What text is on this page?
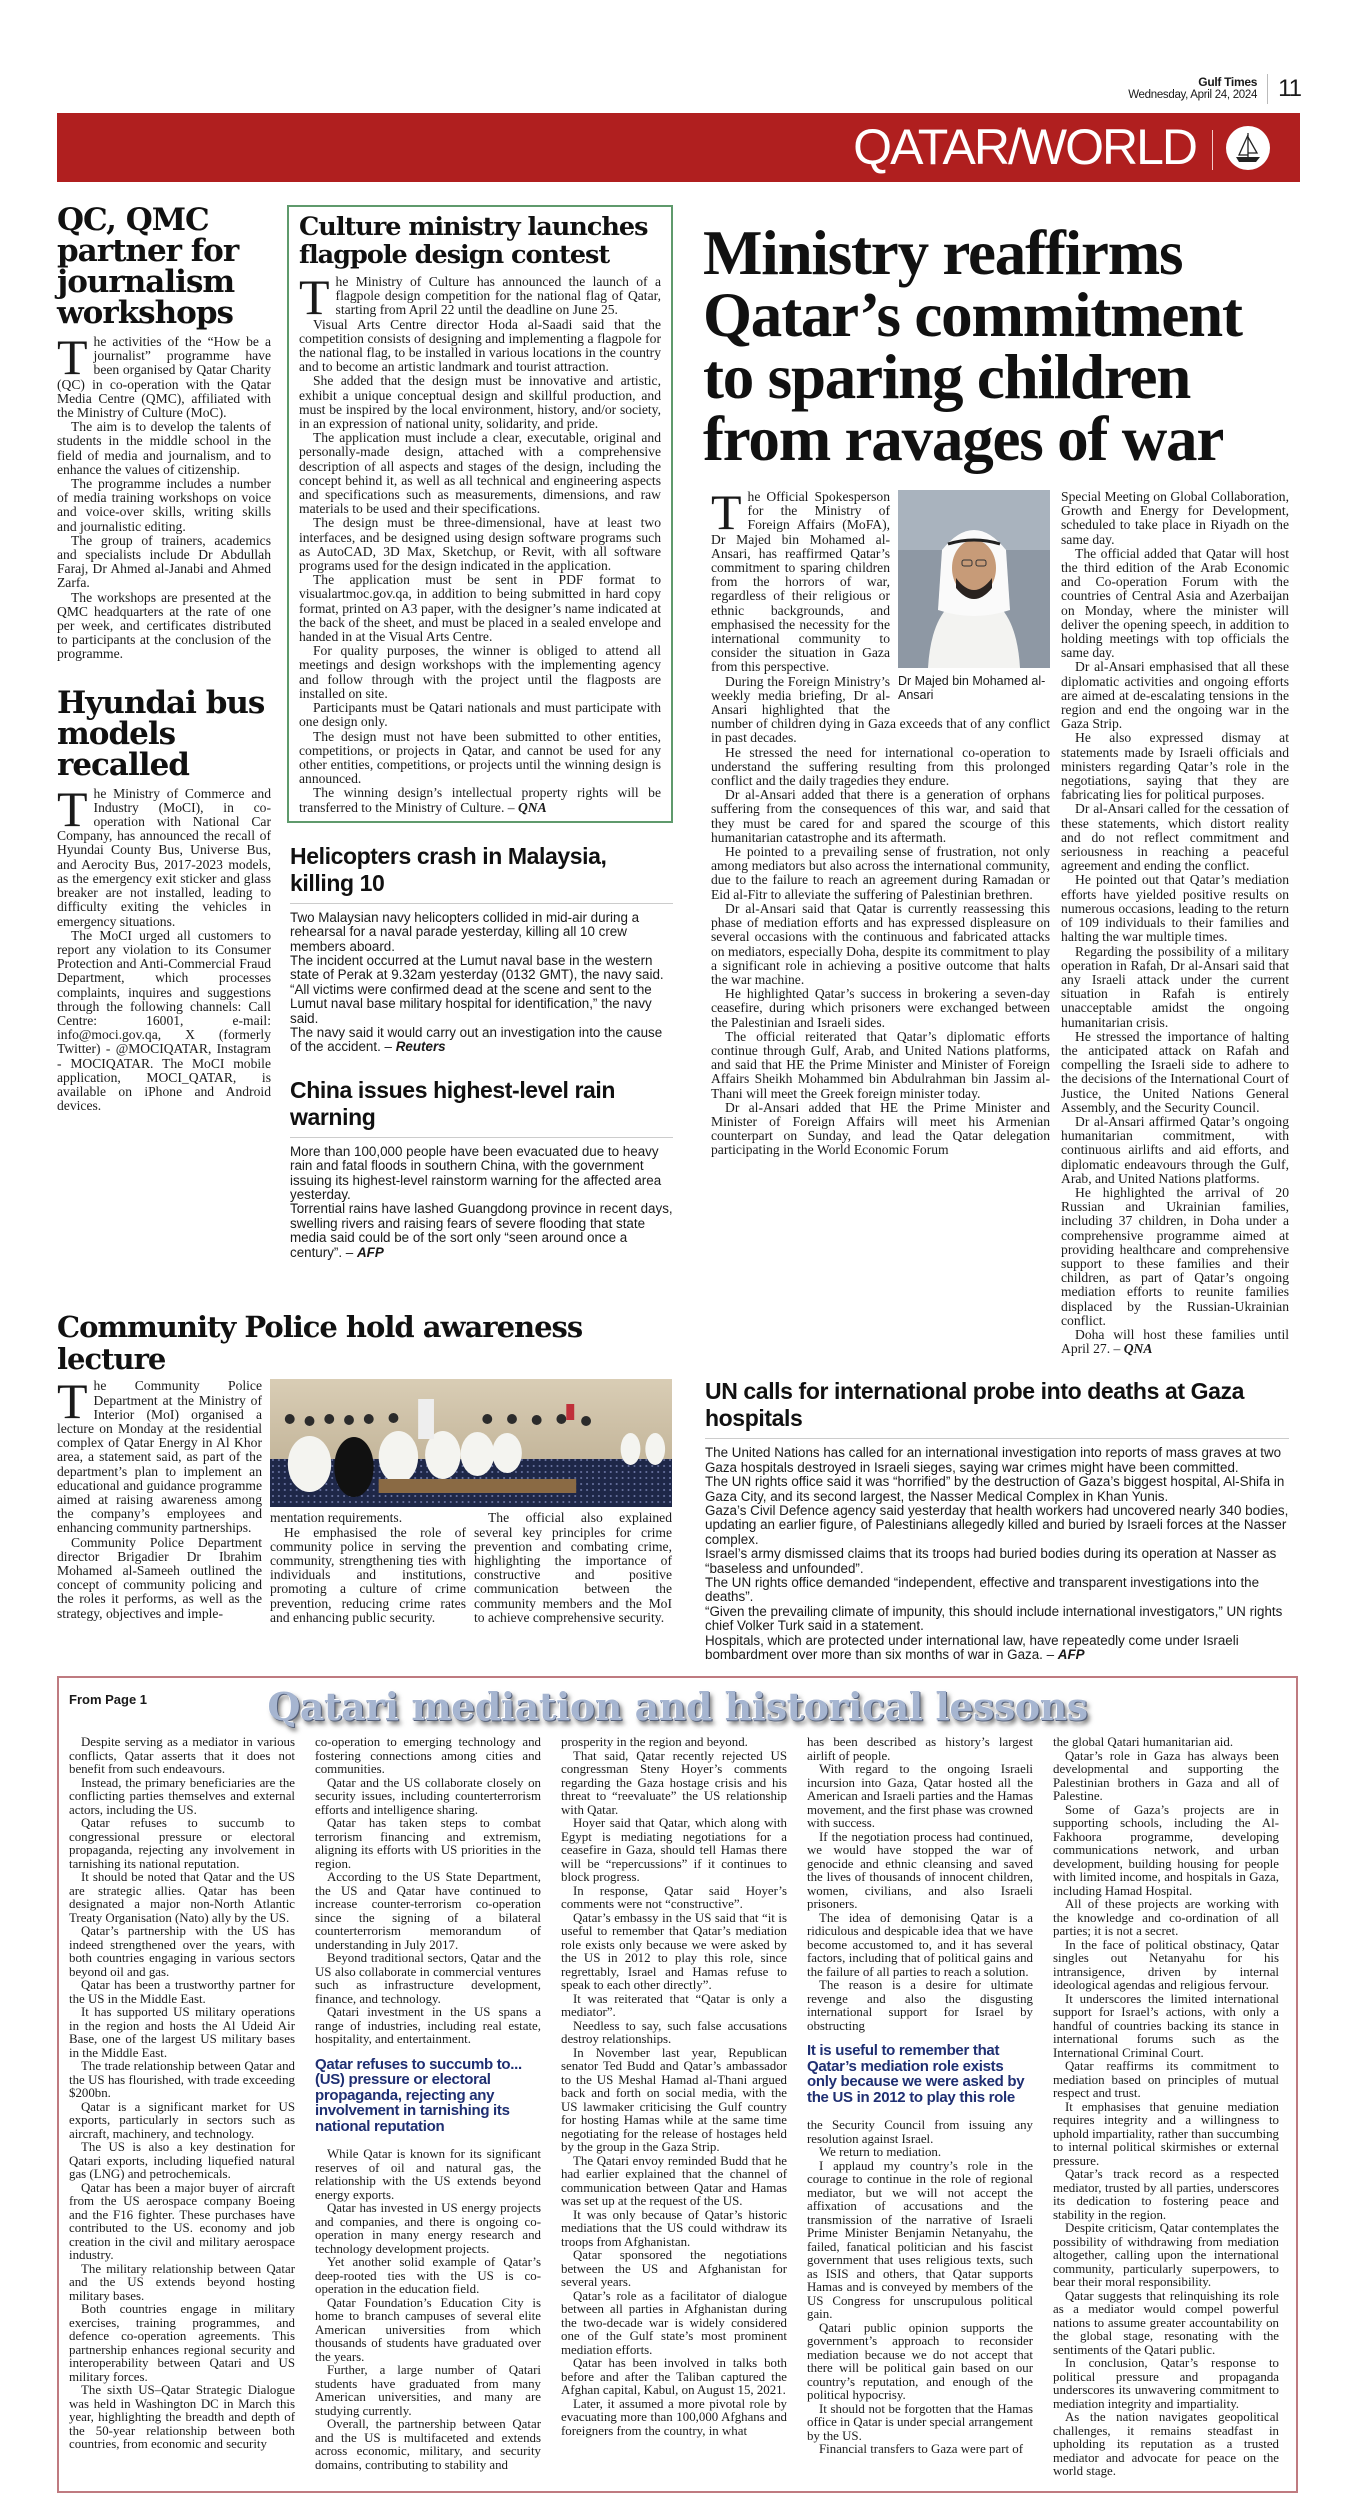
Gulf Times
Wednesday, April 24, 2024 11
QATAR/WORLD
QC, QMC partner for journalism workshops
T he activities of the “How be a journalist” programme have been organised by Qatar Charity (QC) in co-operation with the Qatar Media Centre (QMC), affiliated with the Ministry of Culture (MoC).

The aim is to develop the talents of students in the middle school in the field of media and journalism, and to enhance the values of citizenship.

The programme includes a number of media training workshops on voice and voice-over skills, writing skills and journalistic editing.

The group of trainers, academics and specialists include Dr Abdullah Faraj, Dr Ahmed al-Janabi and Ahmed Zarfa.

The workshops are presented at the QMC headquarters at the rate of one per week, and certificates distributed to participants at the conclusion of the programme.

Hyundai bus models recalled
T he Ministry of Commerce and Industry (MoCI), in co-operation with National Car Company, has announced the recall of Hyundai County Bus, Universe Bus, and Aerocity Bus, 2017-2023 models, as the emergency exit sticker and glass breaker are not installed, leading to difficulty exiting the vehicles in emergency situations.

The MoCI urged all customers to report any violation to its Consumer Protection and Anti-Commercial Fraud Department, which processes complaints, inquires and suggestions through the following channels: Call Centre: 16001, e-mail: info@moci.gov.qa, X (formerly Twitter) - @MOCIQATAR, Instagram - MOCIQATAR. The MoCI mobile application, MOCI_QATAR, is available on iPhone and Android devices.

Culture ministry launches flagpole design contest
T he Ministry of Culture has announced the launch of a flagpole design competition for the national flag of Qatar, starting from April 22 until the deadline on June 25.

Visual Arts Centre director Hoda al-Saadi said that the competition consists of designing and implementing a flagpole for the national flag, to be installed in various locations in the country and to become an artistic landmark and tourist attraction.

She added that the design must be innovative and artistic, exhibit a unique conceptual design and skillful production, and must be inspired by the local environment, history, and/or society, in an expression of national unity, solidarity, and pride.

The application must include a clear, executable, original and personally-made design, attached with a comprehensive description of all aspects and stages of the design, including the concept behind it, as well as all technical and engineering aspects and specifications such as measurements, dimensions, and raw materials to be used and their specifications.

The design must be three-dimensional, have at least two interfaces, and be designed using design software programs such as AutoCAD, 3D Max, Sketchup, or Revit, with all software programs used for the design indicated in the application.

The application must be sent in PDF format to visualartmoc.gov.qa, in addition to being submitted in hard copy format, printed on A3 paper, with the designer’s name indicated at the back of the sheet, and must be placed in a sealed envelope and handed in at the Visual Arts Centre.

For quality purposes, the winner is obliged to attend all meetings and design workshops with the implementing agency and follow through with the project until the flagposts are installed on site.

Participants must be Qatari nationals and must participate with one design only.

The design must not have been submitted to other entities, competitions, or projects in Qatar, and cannot be used for any other entities, competitions, or projects until the winning design is announced.

The winning design’s intellectual property rights will be transferred to the Ministry of Culture. – QNA

Helicopters crash in Malaysia, killing 10

Two Malaysian navy helicopters collided in mid-air during a rehearsal for a naval parade yesterday, killing all 10 crew members aboard.

The incident occurred at the Lumut naval base in the western state of Perak at 9.32am yesterday (0132 GMT), the navy said.

“All victims were confirmed dead at the scene and sent to the Lumut naval base military hospital for identification,” the navy said.

The navy said it would carry out an investigation into the cause of the accident. – Reuters

China issues highest-level rain warning

More than 100,000 people have been evacuated due to heavy rain and fatal floods in southern China, with the government issuing its highest-level rainstorm warning for the affected area yesterday.

Torrential rains have lashed Guangdong province in recent days, swelling rivers and raising fears of severe flooding that state media said could be of the sort only “seen around once a century”. – AFP

Community Police hold awareness lecture
T he Community Police Department at the Ministry of Interior (MoI) organised a lecture on Monday at the residential complex of Qatar Energy in Al Khor area, a statement said, as part of the department’s plan to implement an educational and guidance programme aimed at raising awareness among the company’s employees and enhancing community partnerships.

Community Police Department director Brigadier Dr Ibrahim Mohamed al-Sameeh outlined the concept of community policing and the roles it performs, as well as the strategy, objectives and imple-

mentation requirements.

He emphasised the role of community police in serving the community, strengthening ties with individuals and institutions, promoting a culture of crime prevention, reducing crime rates and enhancing public security.

The official also explained several key principles for crime prevention and combating crime, highlighting the importance of constructive and positive communication between the community members and the MoI to achieve comprehensive security.

Ministry reaffirms Qatar’s commitment to sparing children from ravages of war
Dr Majed bin Mohamed al-Ansari
T he Official Spokesperson for the Ministry of Foreign Affairs (MoFA), Dr Majed bin Mohamed al-Ansari, has reaffirmed Qatar’s commitment to sparing children from the horrors of war, regardless of their religious or ethnic backgrounds, and emphasised the necessity for the international community to consider the situation in Gaza from this perspective.

During the Foreign Ministry’s weekly media briefing, Dr al-Ansari highlighted that the number of children dying in Gaza exceeds that of any conflict in past decades.

He stressed the need for international co-operation to understand the suffering resulting from this prolonged conflict and the daily tragedies they endure.

Dr al-Ansari added that there is a generation of orphans suffering from the consequences of this war, and said that they must be cared for and spared the scourge of this humanitarian catastrophe and its aftermath.

He pointed to a prevailing sense of frustration, not only among mediators but also across the international community, due to the failure to reach an agreement during Ramadan or Eid al-Fitr to alleviate the suffering of Palestinian brethren.

Dr al-Ansari said that Qatar is currently reassessing this phase of mediation efforts and has expressed displeasure on several occasions with the continuous and fabricated attacks on mediators, especially Doha, despite its commitment to play a significant role in achieving a positive outcome that halts the war machine.

He highlighted Qatar’s success in brokering a seven-day ceasefire, during which prisoners were exchanged between the Palestinian and Israeli sides.

The official reiterated that Qatar’s diplomatic efforts continue through Gulf, Arab, and United Nations platforms, and said that HE the Prime Minister and Minister of Foreign Affairs Sheikh Mohammed bin Abdulrahman bin Jassim al-Thani will meet the Greek foreign minister today.

Dr al-Ansari added that HE the Prime Minister and Minister of Foreign Affairs will meet his Armenian counterpart on Sunday, and lead the Qatar delegation participating in the World Economic Forum

Special Meeting on Global Collaboration, Growth and Energy for Development, scheduled to take place in Riyadh on the same day.

The official added that Qatar will host the third edition of the Arab Economic and Co-operation Forum with the countries of Central Asia and Azerbaijan on Monday, where the minister will deliver the opening speech, in addition to holding meetings with top officials the same day.

Dr al-Ansari emphasised that all these diplomatic activities and ongoing efforts are aimed at de-escalating tensions in the region and end the ongoing war in the Gaza Strip.

He also expressed dismay at statements made by Israeli officials and ministers regarding Qatar’s role in the negotiations, saying that they are fabricating lies for political purposes.

Dr al-Ansari called for the cessation of these statements, which distort reality and do not reflect commitment and seriousness in reaching a peaceful agreement and ending the conflict.

He pointed out that Qatar’s mediation efforts have yielded positive results on numerous occasions, leading to the return of 109 individuals to their families and halting the war multiple times.

Regarding the possibility of a military operation in Rafah, Dr al-Ansari said that any Israeli attack under the current situation in Rafah is entirely unacceptable amidst the ongoing humanitarian crisis.

He stressed the importance of halting the anticipated attack on Rafah and compelling the Israeli side to adhere to the decisions of the International Court of Justice, the United Nations General Assembly, and the Security Council.

Dr al-Ansari affirmed Qatar’s ongoing humanitarian commitment, with continuous airlifts and aid efforts, and diplomatic endeavours through the Gulf, Arab, and United Nations platforms.

He highlighted the arrival of 20 Russian and Ukrainian families, including 37 children, in Doha under a comprehensive programme aimed at providing healthcare and comprehensive support to these families and their children, as part of Qatar’s ongoing mediation efforts to reunite families displaced by the Russian-Ukrainian conflict.

Doha will host these families until April 27. – QNA

UN calls for international probe into deaths at Gaza hospitals

The United Nations has called for an international investigation into reports of mass graves at two Gaza hospitals destroyed in Israeli sieges, saying war crimes might have been committed.

The UN rights office said it was “horrified” by the destruction of Gaza’s biggest hospital, Al-Shifa in Gaza City, and its second largest, the Nasser Medical Complex in Khan Yunis.

Gaza’s Civil Defence agency said yesterday that health workers had uncovered nearly 340 bodies, updating an earlier figure, of Palestinians allegedly killed and buried by Israeli forces at the Nasser complex.

Israel’s army dismissed claims that its troops had buried bodies during its operation at Nasser as “baseless and unfounded”.

The UN rights office demanded “independent, effective and transparent investigations into the deaths”.

“Given the prevailing climate of impunity, this should include international investigators,” UN rights chief Volker Turk said in a statement.

Hospitals, which are protected under international law, have repeatedly come under Israeli bombardment over more than six months of war in Gaza. – AFP

From Page 1	Qatari mediation and historical lessons

Despite serving as a mediator in various conflicts, Qatar asserts that it does not benefit from such endeavours.

Instead, the primary beneficiaries are the conflicting parties themselves and external actors, including the US.

Qatar refuses to succumb to congressional pressure or electoral propaganda, rejecting any involvement in tarnishing its national reputation.

It should be noted that Qatar and the US are strategic allies. Qatar has been designated a major non-North Atlantic Treaty Organisation (Nato) ally by the US.

Qatar’s partnership with the US has indeed strengthened over the years, with both countries engaging in various sectors beyond oil and gas.

Qatar has been a trustworthy partner for the US in the Middle East.

It has supported US military operations in the region and hosts the Al Udeid Air Base, one of the largest US military bases in the Middle East.

The trade relationship between Qatar and the US has flourished, with trade exceeding $200bn.

Qatar is a significant market for US exports, particularly in sectors such as aircraft, machinery, and technology.

The US is also a key destination for Qatari exports, including liquefied natural gas (LNG) and petrochemicals.

Qatar has been a major buyer of aircraft from the US aerospace company Boeing and the F16 fighter. These purchases have contributed to the US. economy and job creation in the civil and military aerospace industry.

The military relationship between Qatar and the US extends beyond hosting military bases.

Both countries engage in military exercises, training programmes, and defence co-operation agreements. This partnership enhances regional security and interoperability between Qatari and US military forces.

The sixth US–Qatar Strategic Dialogue was held in Washington DC in March this year, highlighting the breadth and depth of the 50-year relationship between both countries, from economic and security

co-operation to emerging technology and fostering connections among cities and communities.

Qatar and the US collaborate closely on security issues, including counterterrorism efforts and intelligence sharing.

Qatar has taken steps to combat terrorism financing and extremism, aligning its efforts with US priorities in the region.

According to the US State Department, the US and Qatar have continued to increase counter-terrorism co-operation since the signing of a bilateral counterterrorism memorandum of understanding in July 2017.

Beyond traditional sectors, Qatar and the US also collaborate in commercial ventures such as infrastructure development, finance, and technology.

Qatari investment in the US spans a range of industries, including real estate, hospitality, and entertainment.

Qatar refuses to succumb to...(US) pressure or electoral propaganda, rejecting any involvement in tarnishing its national reputation

While Qatar is known for its significant reserves of oil and natural gas, the relationship with the US extends beyond energy exports.

Qatar has invested in US energy projects and companies, and there is ongoing co-operation in many energy research and technology development projects.

Yet another solid example of Qatar’s deep-rooted ties with the US is co-operation in the education field.

Qatar Foundation’s Education City is home to branch campuses of several elite American universities from which thousands of students have graduated over the years.

Further, a large number of Qatari students have graduated from many American universities, and many are studying currently.

Overall, the partnership between Qatar and the US is multifaceted and extends across economic, military, and security domains, contributing to stability and

prosperity in the region and beyond.

That said, Qatar recently rejected US congressman Steny Hoyer’s comments regarding the Gaza hostage crisis and his threat to “reevaluate” the US relationship with Qatar.

Hoyer said that Qatar, which along with Egypt is mediating negotiations for a ceasefire in Gaza, should tell Hamas there will be “repercussions” if it continues to block progress.

In response, Qatar said Hoyer’s comments were not “constructive”.

Qatar’s embassy in the US said that “it is useful to remember that Qatar’s mediation role exists only because we were asked by the US in 2012 to play this role, since regrettably, Israel and Hamas refuse to speak to each other directly”.

It was reiterated that “Qatar is only a mediator”.

Needless to say, such false accusations destroy relationships.

In November last year, Republican senator Ted Budd and Qatar’s ambassador to the US Meshal Hamad al-Thani argued back and forth on social media, with the US lawmaker criticising the Gulf country for hosting Hamas while at the same time negotiating for the release of hostages held by the group in the Gaza Strip.

The Qatari envoy reminded Budd that he had earlier explained that the channel of communication between Qatar and Hamas was set up at the request of the US.

It was only because of Qatar’s historic mediations that the US could withdraw its troops from Afghanistan.

Qatar sponsored the negotiations between the US and Afghanistan for several years.

Qatar’s role as a facilitator of dialogue between all parties in Afghanistan during the two-decade war is widely considered one of the Gulf state’s most prominent mediation efforts.

Qatar has been involved in talks both before and after the Taliban captured the Afghan capital, Kabul, on August 15, 2021.

Later, it assumed a more pivotal role by evacuating more than 100,000 Afghans and foreigners from the country, in what

has been described as history’s largest airlift of people.

With regard to the ongoing Israeli incursion into Gaza, Qatar hosted all the American and Israeli parties and the Hamas movement, and the first phase was crowned with success.

If the negotiation process had continued, we would have stopped the war of genocide and ethnic cleansing and saved the lives of thousands of innocent children, women, civilians, and also Israeli prisoners.

The idea of demonising Qatar is a ridiculous and despicable idea that we have become accustomed to, and it has several factors, including that of political gains and the failure of all parties to reach a solution.

The reason is a desire for ultimate revenge and also the disgusting international support for Israel by obstructing

It is useful to remember that Qatar’s mediation role exists only because we were asked by the US in 2012 to play this role

the Security Council from issuing any resolution against Israel.

We return to mediation.

I applaud my country’s role in the courage to continue in the role of regional mediator, but we will not accept the affixation of accusations and the transmission of the narrative of Israeli Prime Minister Benjamin Netanyahu, the failed, fanatical politician and his fascist government that uses religious texts, such as ISIS and others, that Qatar supports Hamas and is conveyed by members of the US Congress for unscrupulous political gain.

Qatari public opinion supports the government’s approach to reconsider mediation because we do not accept that there will be political gain based on our country’s reputation, and enough of the political hypocrisy.

It should not be forgotten that the Hamas office in Qatar is under special arrangement by the US.

Financial transfers to Gaza were part of

the global Qatari humanitarian aid.

Qatar’s role in Gaza has always been developmental and supporting the Palestinian brothers in Gaza and all of Palestine.

Some of Gaza’s projects are in supporting schools, including the Al-Fakhoora programme, developing communications network, and urban development, building housing for people with limited income, and hospitals in Gaza, including Hamad Hospital.

All of these projects are working with the knowledge and co-ordination of all parties; it is not a secret.

In the face of political obstinacy, Qatar singles out Netanyahu for his intransigence, driven by internal ideological agendas and religious fervour.

It underscores the limited international support for Israel’s actions, with only a handful of countries backing its stance in international forums such as the International Criminal Court.

Qatar reaffirms its commitment to mediation based on principles of mutual respect and trust.

It emphasises that genuine mediation requires integrity and a willingness to uphold impartiality, rather than succumbing to internal political skirmishes or external pressure.

Qatar’s track record as a respected mediator, trusted by all parties, underscores its dedication to fostering peace and stability in the region.

Despite criticism, Qatar contemplates the possibility of withdrawing from mediation altogether, calling upon the international community, particularly superpowers, to bear their moral responsibility.

Qatar suggests that relinquishing its role as a mediator would compel powerful nations to assume greater accountability on the global stage, resonating with the sentiments of the Qatari public.

In conclusion, Qatar’s response to political pressure and propaganda underscores its unwavering commitment to mediation integrity and impartiality.

As the nation navigates geopolitical challenges, it remains steadfast in upholding its reputation as a trusted mediator and advocate for peace on the world stage.
